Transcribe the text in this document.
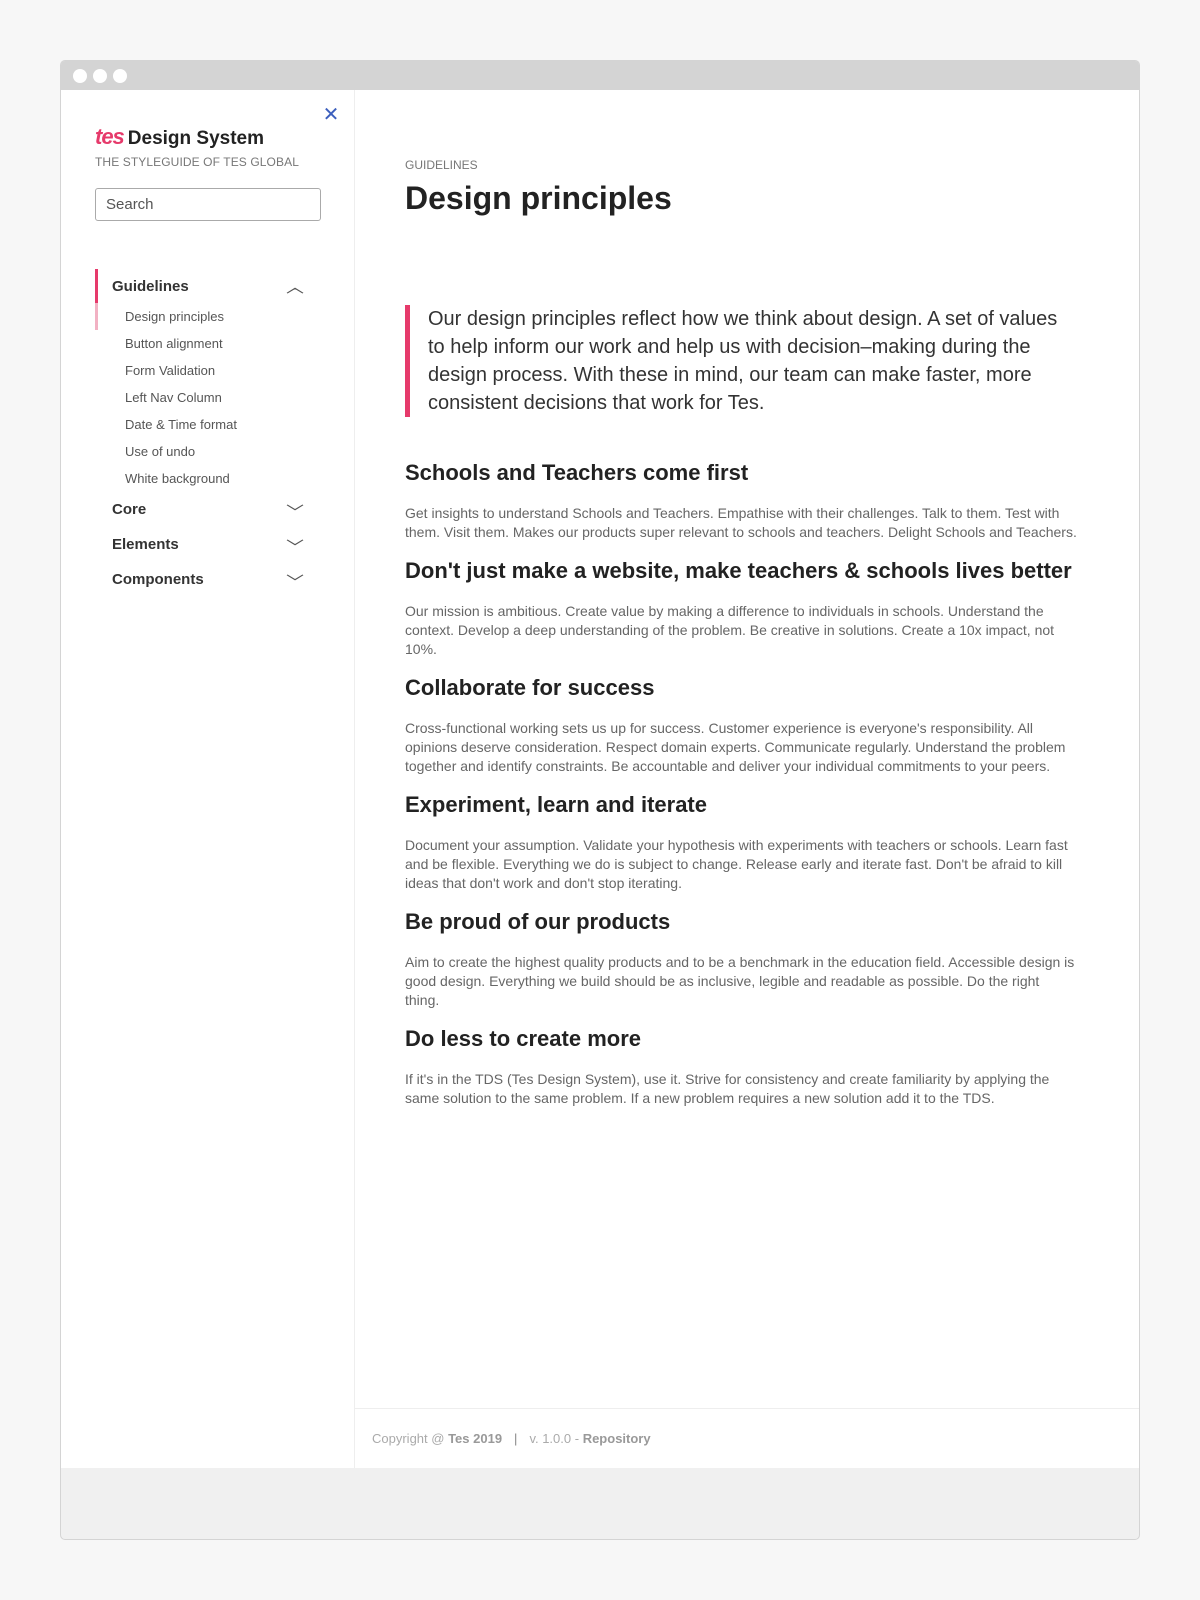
✕
tes Design System
THE STYLEGUIDE OF TES GLOBAL
Search
Guidelines	︿
Design principles
Button alignment
Form Validation
Left Nav Column
Date & Time format
Use of undo
White background
Core	﹀
Elements	﹀
Components	﹀
GUIDELINES
Design principles
Our design principles reflect how we think about design. A set of values to help inform our work and help us with decision–making during the design process. With these in mind, our team can make faster, more consistent decisions that work for Tes.
Schools and Teachers come first

Get insights to understand Schools and Teachers. Empathise with their challenges. Talk to them. Test with them. Visit them. Makes our products super relevant to schools and teachers. Delight Schools and Teachers.

Don't just make a website, make teachers & schools lives better

Our mission is ambitious. Create value by making a difference to individuals in schools. Understand the context. Develop a deep understanding of the problem. Be creative in solutions. Create a 10x impact, not 10%.

Collaborate for success

Cross-functional working sets us up for success. Customer experience is everyone's responsibility. All opinions deserve consideration. Respect domain experts. Communicate regularly. Understand the problem together and identify constraints. Be accountable and deliver your individual commitments to your peers.

Experiment, learn and iterate

Document your assumption. Validate your hypothesis with experiments with teachers or schools. Learn fast and be flexible. Everything we do is subject to change. Release early and iterate fast. Don't be afraid to kill ideas that don't work and don't stop iterating.

Be proud of our products

Aim to create the highest quality products and to be a benchmark in the education field. Accessible design is good design. Everything we build should be as inclusive, legible and readable as possible. Do the right thing.

Do less to create more

If it's in the TDS (Tes Design System), use it. Strive for consistency and create familiarity by applying the same solution to the same problem. If a new problem requires a new solution add it to the TDS.

Copyright @
Tes 2019 | v. 1.0.0 -
Repository
